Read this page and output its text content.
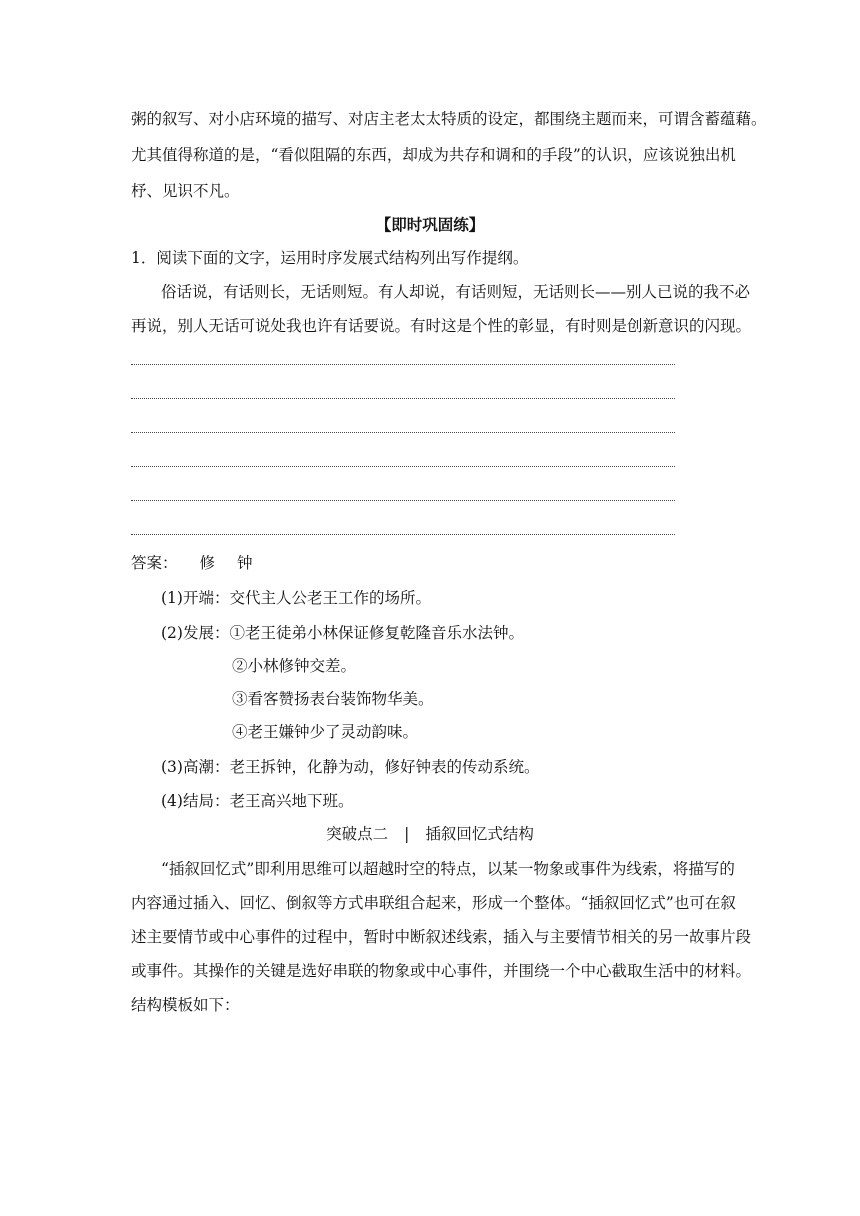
粥的叙写、对小店环境的描写、对店主老太太特质的设定，都围绕主题而来，可谓含蓄蕴藉。
尤其值得称道的是，“看似阻隔的东西，却成为共存和调和的手段”的认识，应该说独出机
杼、见识不凡。
【即时巩固练】
1．阅读下面的文字，运用时序发展式结构列出写作提纲。
俗话说，有话则长，无话则短。有人却说，有话则短，无话则长——别人已说的我不必
再说，别人无话可说处我也许有话要说。有时这是个性的彰显，有时则是创新意识的闪现。
答案： 修 钟
(1)开端：交代主人公老王工作的场所。
(2)发展：①老王徒弟小林保证修复乾隆音乐水法钟。
②小林修钟交差。
③看客赞扬表台装饰物华美。
④老王嫌钟少了灵动韵味。
(3)高潮：老王拆钟，化静为动，修好钟表的传动系统。
(4)结局：老王高兴地下班。
突破点二 | 插叙回忆式结构
“插叙回忆式”即利用思维可以超越时空的特点，以某一物象或事件为线索，将描写的
内容通过插入、回忆、倒叙等方式串联组合起来，形成一个整体。“插叙回忆式”也可在叙
述主要情节或中心事件的过程中，暂时中断叙述线索，插入与主要情节相关的另一故事片段
或事件。其操作的关键是选好串联的物象或中心事件，并围绕一个中心截取生活中的材料。
结构模板如下：
